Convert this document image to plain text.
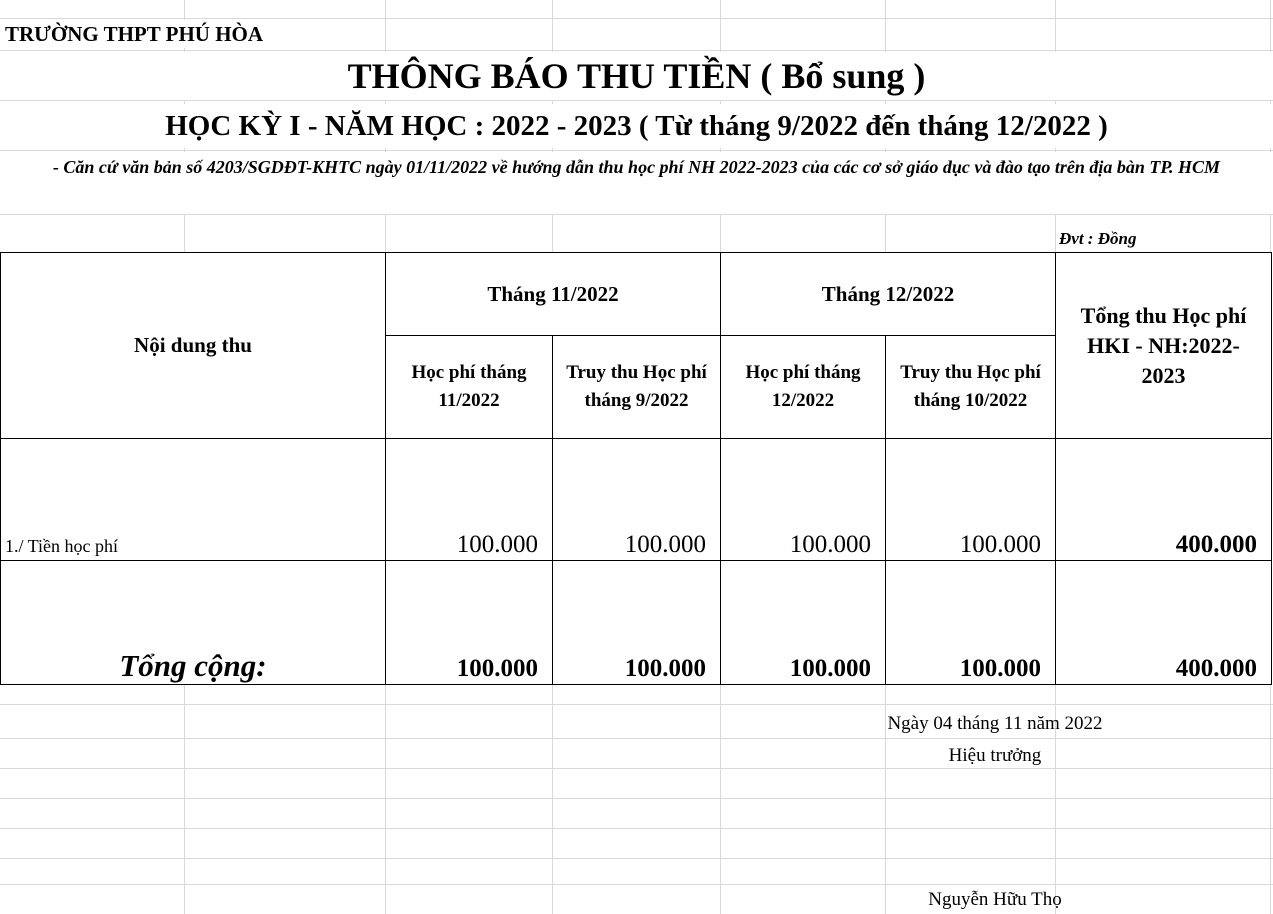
TRƯỜNG THPT PHÚ HÒA
THÔNG BÁO THU TIỀN ( Bổ sung )
HỌC KỲ I - NĂM HỌC : 2022 - 2023 ( Từ tháng 9/2022 đến tháng 12/2022 )
- Căn cứ văn bản số 4203/SGDĐT-KHTC ngày 01/11/2022 về hướng dẫn thu học phí NH 2022-2023 của các cơ sở giáo dục và đào tạo trên địa bàn TP. HCM
Đvt : Đồng
Nội dung thu	Tháng 11/2022		Tháng 12/2022		Tổng thu Học phí HKI - NH:2022-2023
	Học phí tháng 11/2022	Truy thu Học phí tháng 9/2022	Học phí tháng 12/2022	Truy thu Học phí tháng 10/2022	
1./ Tiền học phí	100.000	100.000	100.000	100.000	400.000
Tổng cộng:	100.000	100.000	100.000	100.000	400.000
Ngày 04 tháng 11 năm 2022
Hiệu trưởng
Nguyễn Hữu Thọ
